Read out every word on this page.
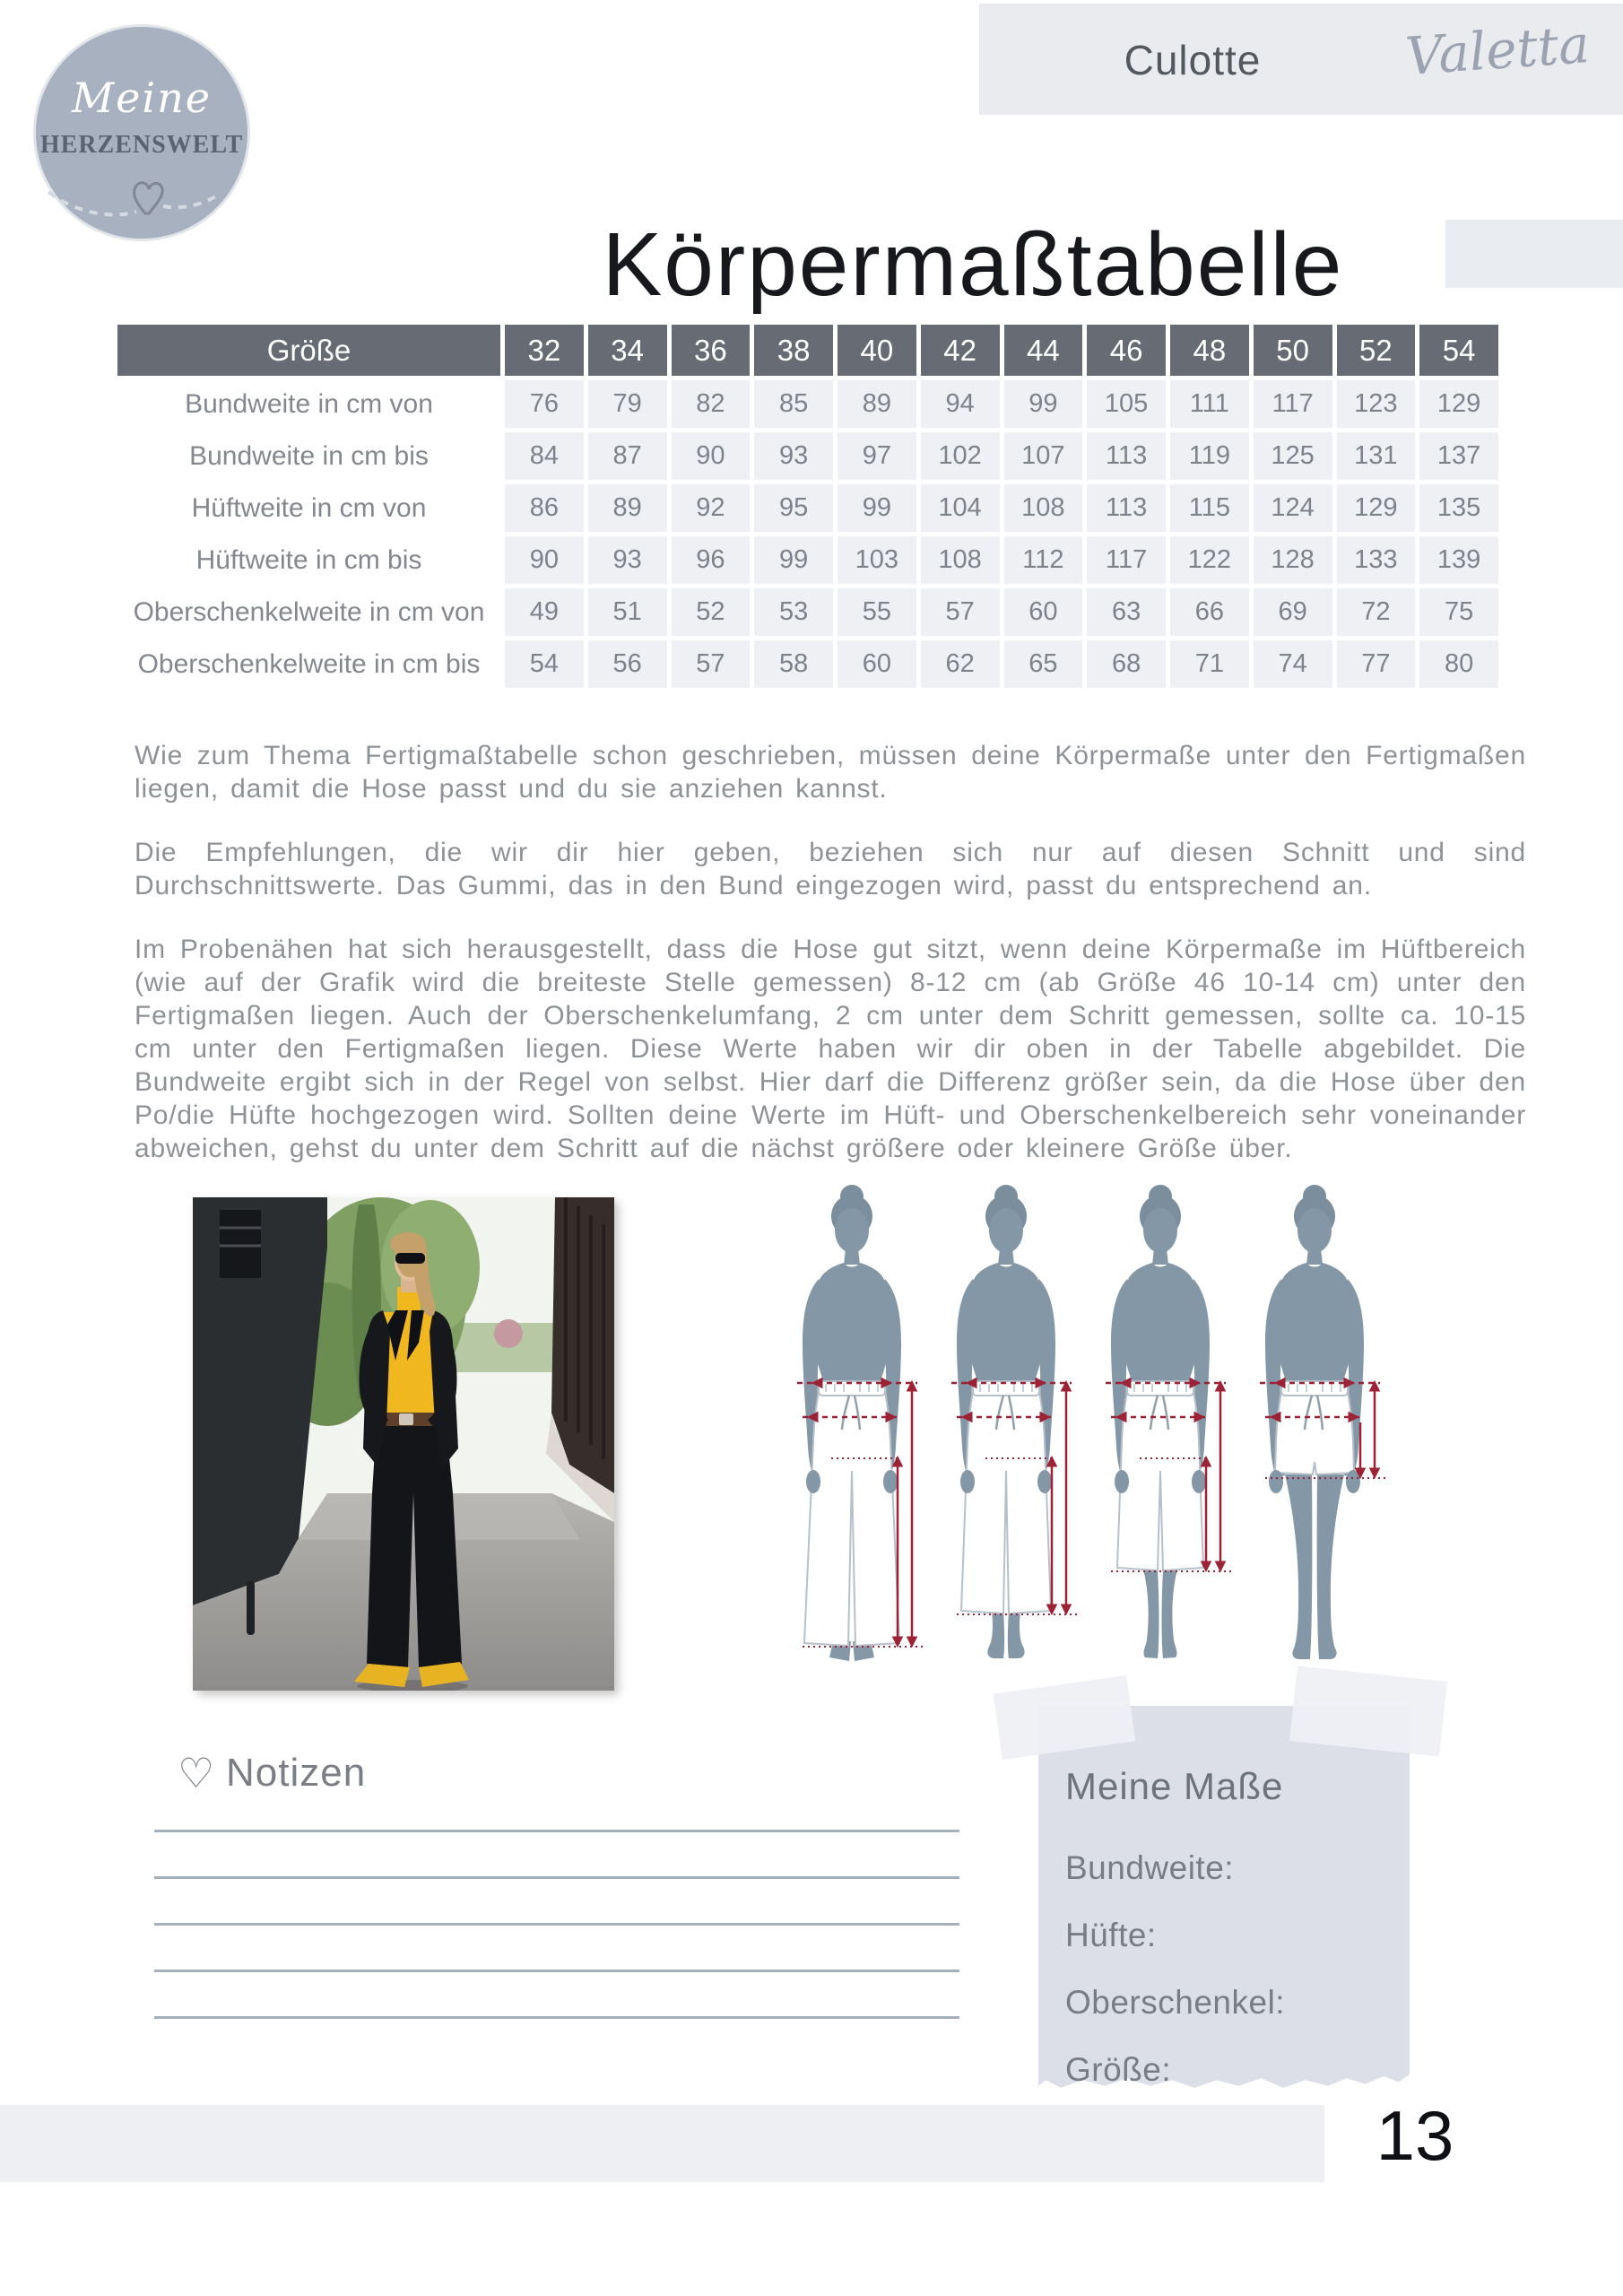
Meine
HERZENSWELT
Culotte	Valetta
Körpermaßtabelle
Größe	32	34	36	38	40	42	44	46	48	50	52	54
Bundweite in cm von	76	79	82	85	89	94	99	105	111	117	123	129
Bundweite in cm bis	84	87	90	93	97	102	107	113	119	125	131	137
Hüftweite in cm von	86	89	92	95	99	104	108	113	115	124	129	135
Hüftweite in cm bis	90	93	96	99	103	108	112	117	122	128	133	139
Oberschenkelweite in cm von	49	51	52	53	55	57	60	63	66	69	72	75
Oberschenkelweite in cm bis	54	56	57	58	60	62	65	68	71	74	77	80

Wie zum Thema Fertigmaßtabelle schon geschrieben, müssen deine Körpermaße unter den Fertigmaßen liegen, damit die Hose passt und du sie anziehen kannst.

Die Empfehlungen, die wir dir hier geben, beziehen sich nur auf diesen Schnitt und sind Durchschnittswerte. Das Gummi, das in den Bund eingezogen wird, passt du entsprechend an.

Im Probenähen hat sich herausgestellt, dass die Hose gut sitzt, wenn deine Körpermaße im Hüftbereich (wie auf der Grafik wird die breiteste Stelle gemessen) 8-12 cm (ab Größe 46 10-14 cm) unter den Fertigmaßen liegen. Auch der Oberschenkelumfang, 2 cm unter dem Schritt gemessen, sollte ca. 10-15 cm unter den Fertigmaßen liegen. Diese Werte haben wir dir oben in der Tabelle abgebildet. Die Bundweite ergibt sich in der Regel von selbst. Hier darf die Differenz größer sein, da die Hose über den Po/die Hüfte hochgezogen wird. Sollten deine Werte im Hüft- und Oberschenkelbereich sehr voneinander abweichen, gehst du unter dem Schritt auf die nächst größere oder kleinere Größe über.

♡ Notizen	Meine Maße
Bundweite:
Hüfte:
Oberschenkel:
Größe:
13
